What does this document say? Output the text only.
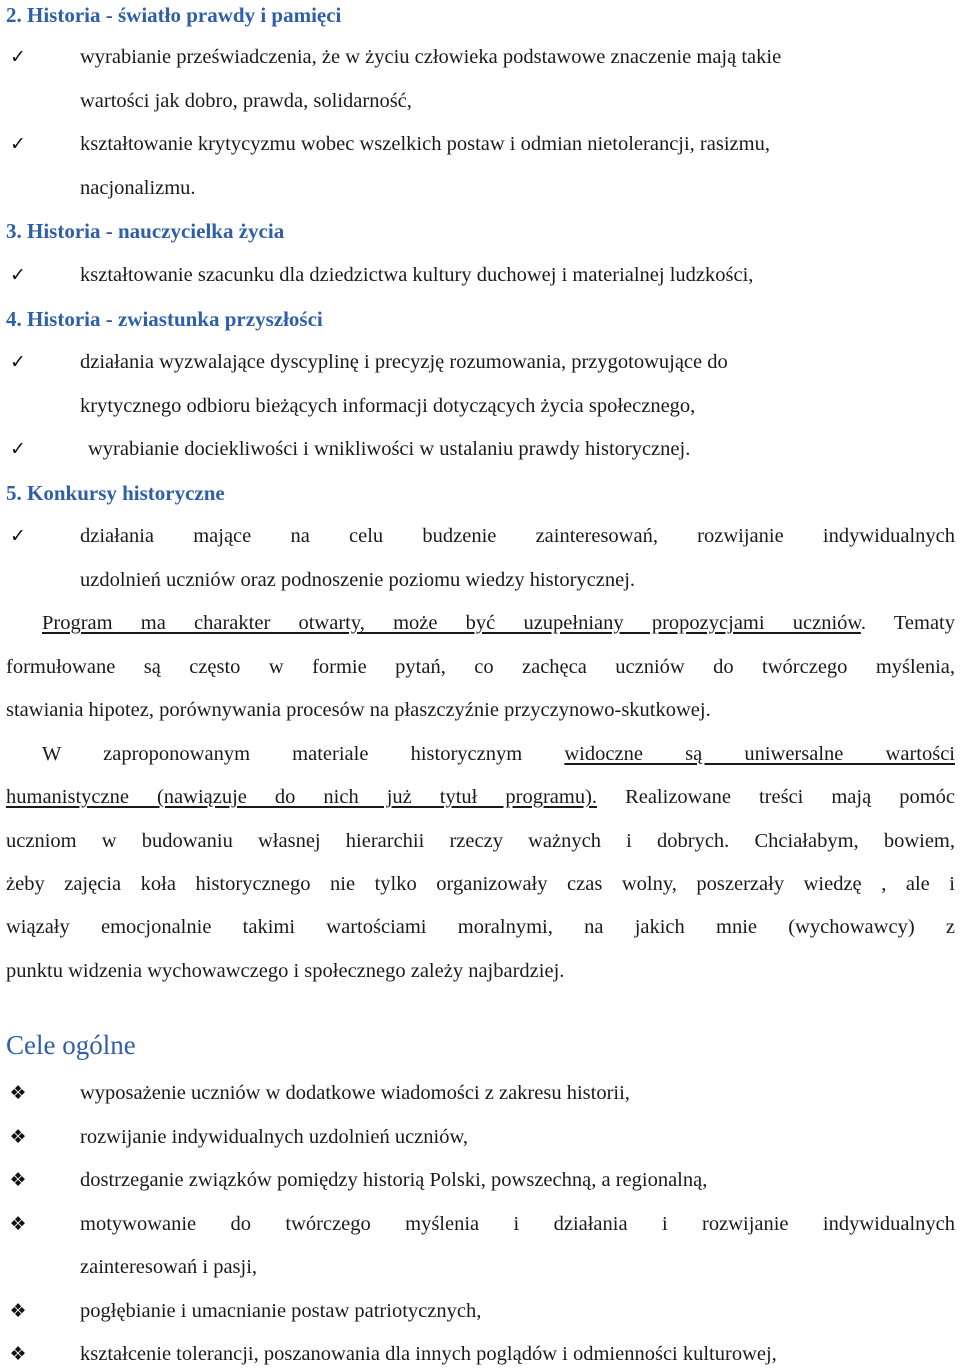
2. Historia - światło prawdy i pamięci
✓	wyrabianie przeświadczenia, że w życiu człowieka podstawowe znaczenie mają takie
wartości jak dobro, prawda, solidarność,
✓	kształtowanie krytycyzmu wobec wszelkich postaw i odmian nietolerancji, rasizmu,
nacjonalizmu.
3. Historia - nauczycielka życia
✓	kształtowanie szacunku dla dziedzictwa kultury duchowej i materialnej ludzkości,
4. Historia - zwiastunka przyszłości
✓	działania wyzwalające dyscyplinę i precyzję rozumowania, przygotowujące do
krytycznego odbioru bieżących informacji dotyczących życia społecznego,
✓	wyrabianie dociekliwości i wnikliwości w ustalaniu prawdy historycznej.
5. Konkursy historyczne
✓	działania mające na celu budzenie zainteresowań, rozwijanie indywidualnych
uzdolnień uczniów oraz podnoszenie poziomu wiedzy historycznej.
Program ma charakter otwarty, może być uzupełniany propozycjami uczniów. Tematy
formułowane są często w formie pytań, co zachęca uczniów do twórczego myślenia,
stawiania hipotez, porównywania procesów na płaszczyźnie przyczynowo-skutkowej.
W zaproponowanym materiale historycznym widoczne są uniwersalne wartości
humanistyczne (nawiązuje do nich już tytuł programu). Realizowane treści mają pomóc
uczniom w budowaniu własnej hierarchii rzeczy ważnych i dobrych. Chciałabym, bowiem,
żeby zajęcia koła historycznego nie tylko organizowały czas wolny, poszerzały wiedzę , ale i
wiązały emocjonalnie takimi wartościami moralnymi, na jakich mnie (wychowawcy) z
punktu widzenia wychowawczego i społecznego zależy najbardziej.
Cele ogólne
❖	wyposażenie uczniów w dodatkowe wiadomości z zakresu historii,
❖	rozwijanie indywidualnych uzdolnień uczniów,
❖	dostrzeganie związków pomiędzy historią Polski, powszechną, a regionalną,
❖	motywowanie do twórczego myślenia i działania i rozwijanie indywidualnych
zainteresowań i pasji,
❖	pogłębianie i umacnianie postaw patriotycznych,
❖	kształcenie tolerancji, poszanowania dla innych poglądów i odmienności kulturowej,
